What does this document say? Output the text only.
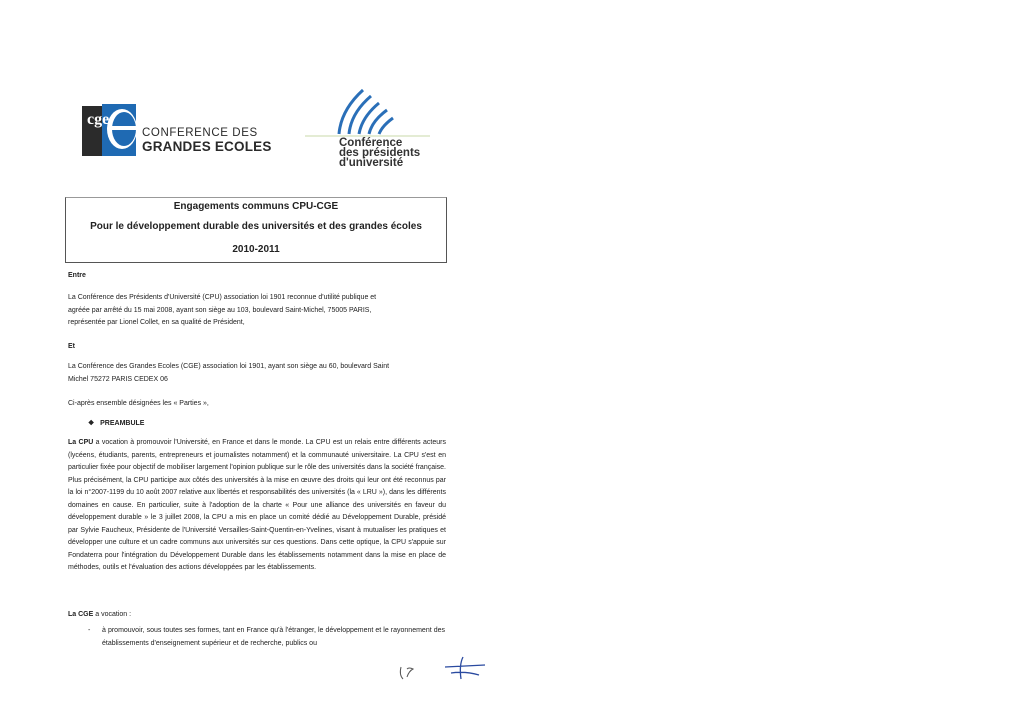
cge
CONFERENCE DES
GRANDES ECOLES	Conférence
des présidents
d'université
Engagements communs CPU-CGE
Pour le développement durable des universités et des grandes écoles
2010-2011

Entre

La Conférence des Présidents d'Université (CPU) association loi 1901 reconnue d'utilité publique et

agréée par arrêté du 15 mai 2008, ayant son siège au 103, boulevard Saint-Michel, 75005 PARIS,

représentée par Lionel Collet, en sa qualité de Président,

Et

La Conférence des Grandes Ecoles (CGE) association loi 1901, ayant son siège au 60, boulevard Saint

Michel 75272 PARIS CEDEX 06

Ci-après ensemble désignées les « Parties »,

❖ PREAMBULE

La CPU a vocation à promouvoir l'Université, en France et dans le monde. La CPU est un relais entre différents acteurs (lycéens, étudiants, parents, entrepreneurs et journalistes notamment) et la communauté universitaire. La CPU s'est en particulier fixée pour objectif de mobiliser largement l'opinion publique sur le rôle des universités dans la société française. Plus précisément, la CPU participe aux côtés des universités à la mise en œuvre des droits qui leur ont été reconnus par la loi n°2007-1199 du 10 août 2007 relative aux libertés et responsabilités des universités (la « LRU »), dans les différents domaines en cause. En particulier, suite à l'adoption de la charte « Pour une alliance des universités en faveur du développement durable » le 3 juillet 2008, la CPU a mis en place un comité dédié au Développement Durable, présidé par Sylvie Faucheux, Présidente de l'Université Versailles-Saint-Quentin-en-Yvelines, visant à mutualiser les pratiques et développer une culture et un cadre communs aux universités sur ces questions. Dans cette optique, la CPU s'appuie sur Fondaterra pour l'intégration du Développement Durable dans les établissements notamment dans la mise en place de méthodes, outils et l'évaluation des actions développées par les établissements.

La CGE a vocation :

- à promouvoir, sous toutes ses formes, tant en France qu'à l'étranger, le développement et le rayonnement des établissements d'enseignement supérieur et de recherche, publics ou
